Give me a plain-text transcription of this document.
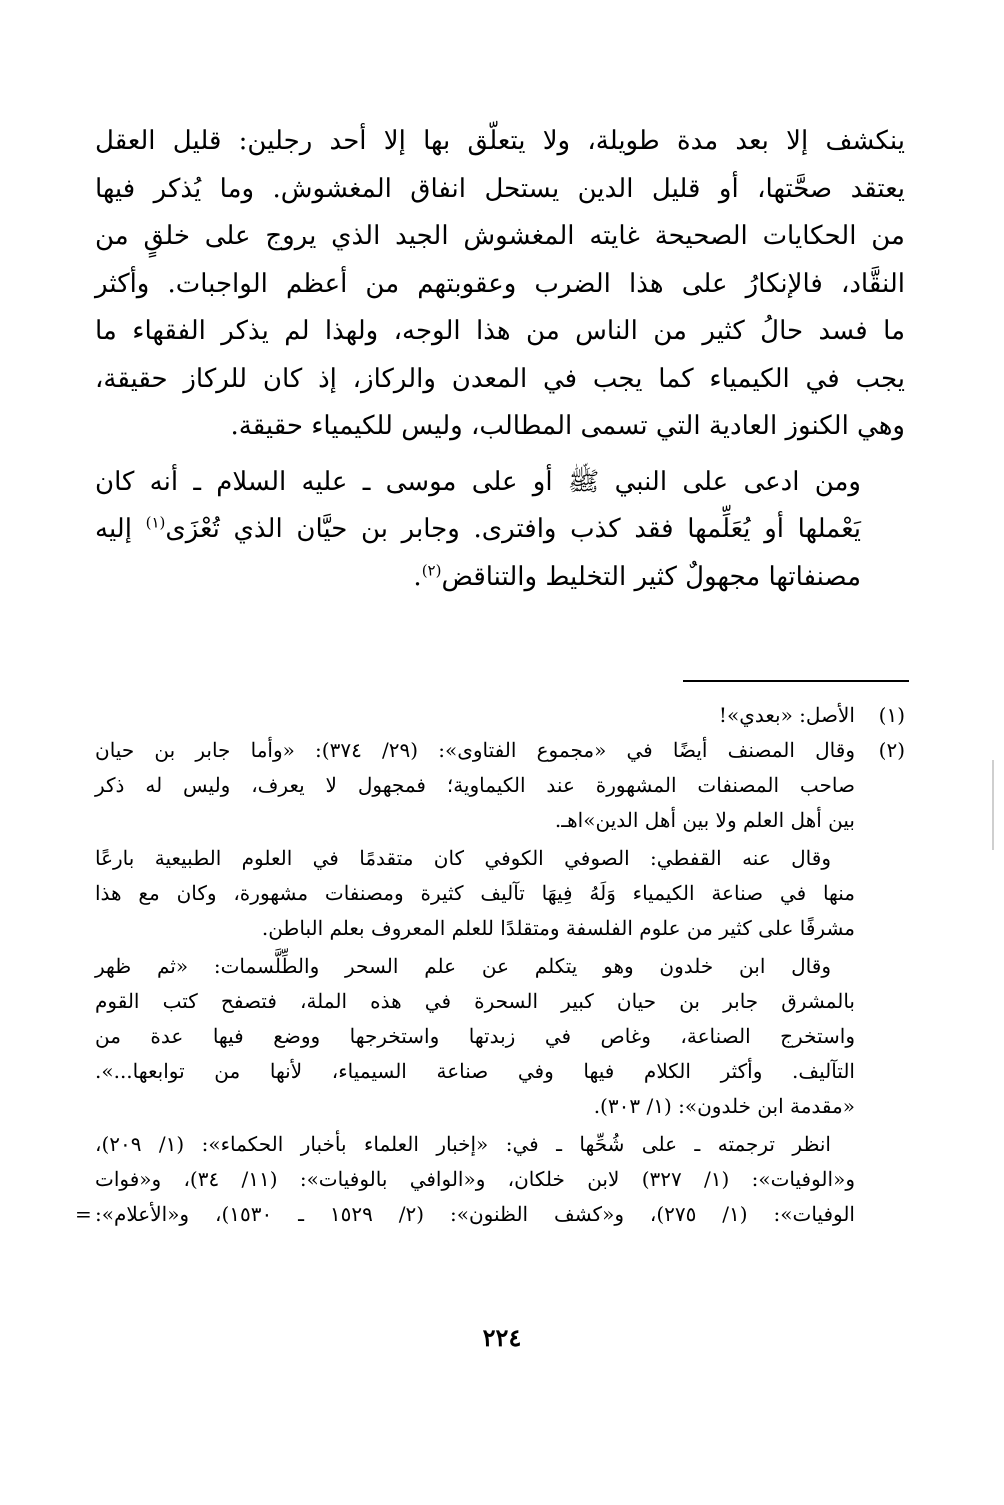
ينكشف إلا بعد مدة طويلة، ولا يتعلّق بها إلا أحد رجلين: قليل العقل
يعتقد صحَّتها، أو قليل الدين يستحل انفاق المغشوش. وما يُذكر فيها
من الحكايات الصحيحة غايته المغشوش الجيد الذي يروج على خلقٍ من
النقَّاد، فالإنكارُ على هذا الضرب وعقوبتهم من أعظم الواجبات. وأكثر
ما فسد حالُ كثير من الناس من هذا الوجه، ولهذا لم يذكر الفقهاء ما
يجب في الكيمياء كما يجب في المعدن والركاز، إذ كان للركاز حقيقة،
وهي الكنوز العادية التي تسمى المطالب، وليس للكيمياء حقيقة.

ومن ادعى على النبي ﷺ أو على موسى ـ عليه السلام ـ أنه كان
يَعْملها أو يُعَلِّمها فقد كذب وافترى. وجابر بن حيَّان الذي تُعْزَى$^{(١)}$ إليه
مصنفاتها مجهولٌ كثير التخليط والتناقض$^{(٢)}$.

(١)
الأصل: «بعدي»!
(٢)
وقال المصنف أيضًا في «مجموع الفتاوى»: (٢٩/ ٣٧٤): «وأما جابر بن حيان
صاحب المصنفات المشهورة عند الكيماوية؛ فمجهول لا يعرف، وليس له ذكر
بين أهل العلم ولا بين أهل الدين»اهـ.
وقال عنه القفطي: الصوفي الكوفي كان متقدمًا في العلوم الطبيعية بارعًا
منها في صناعة الكيمياء وَلَهُ فِيهَا تآليف كثيرة ومصنفات مشهورة، وكان مع هذا
مشرفًا على كثير من علوم الفلسفة ومتقلدًا للعلم المعروف بعلم الباطن.
وقال ابن خلدون وهو يتكلم عن علم السحر والطِّلَّسمات: «ثم ظهر
بالمشرق جابر بن حيان كبير السحرة في هذه الملة، فتصفح كتب القوم
واستخرج الصناعة، وغاص في زبدتها واستخرجها ووضع فيها عدة من
التآليف. وأكثر الكلام فيها وفي صناعة السيمياء، لأنها من توابعها...».
«مقدمة ابن خلدون»: (١/ ٣٠٣).
انظر ترجمته ـ على شُحِّها ـ في: «إخبار العلماء بأخبار الحكماء»: (١/ ٢٠٩)،
و«الوفيات»: (١/ ٣٢٧) لابن خلكان، و«الوافي بالوفيات»: (١١/ ٣٤)، و«فوات
الوفيات»: (١/ ٢٧٥)، و«كشف الظنون»: (٢/ ١٥٢٩ ـ ١٥٣٠)، و«الأعلام»:
=
٢٢٤
